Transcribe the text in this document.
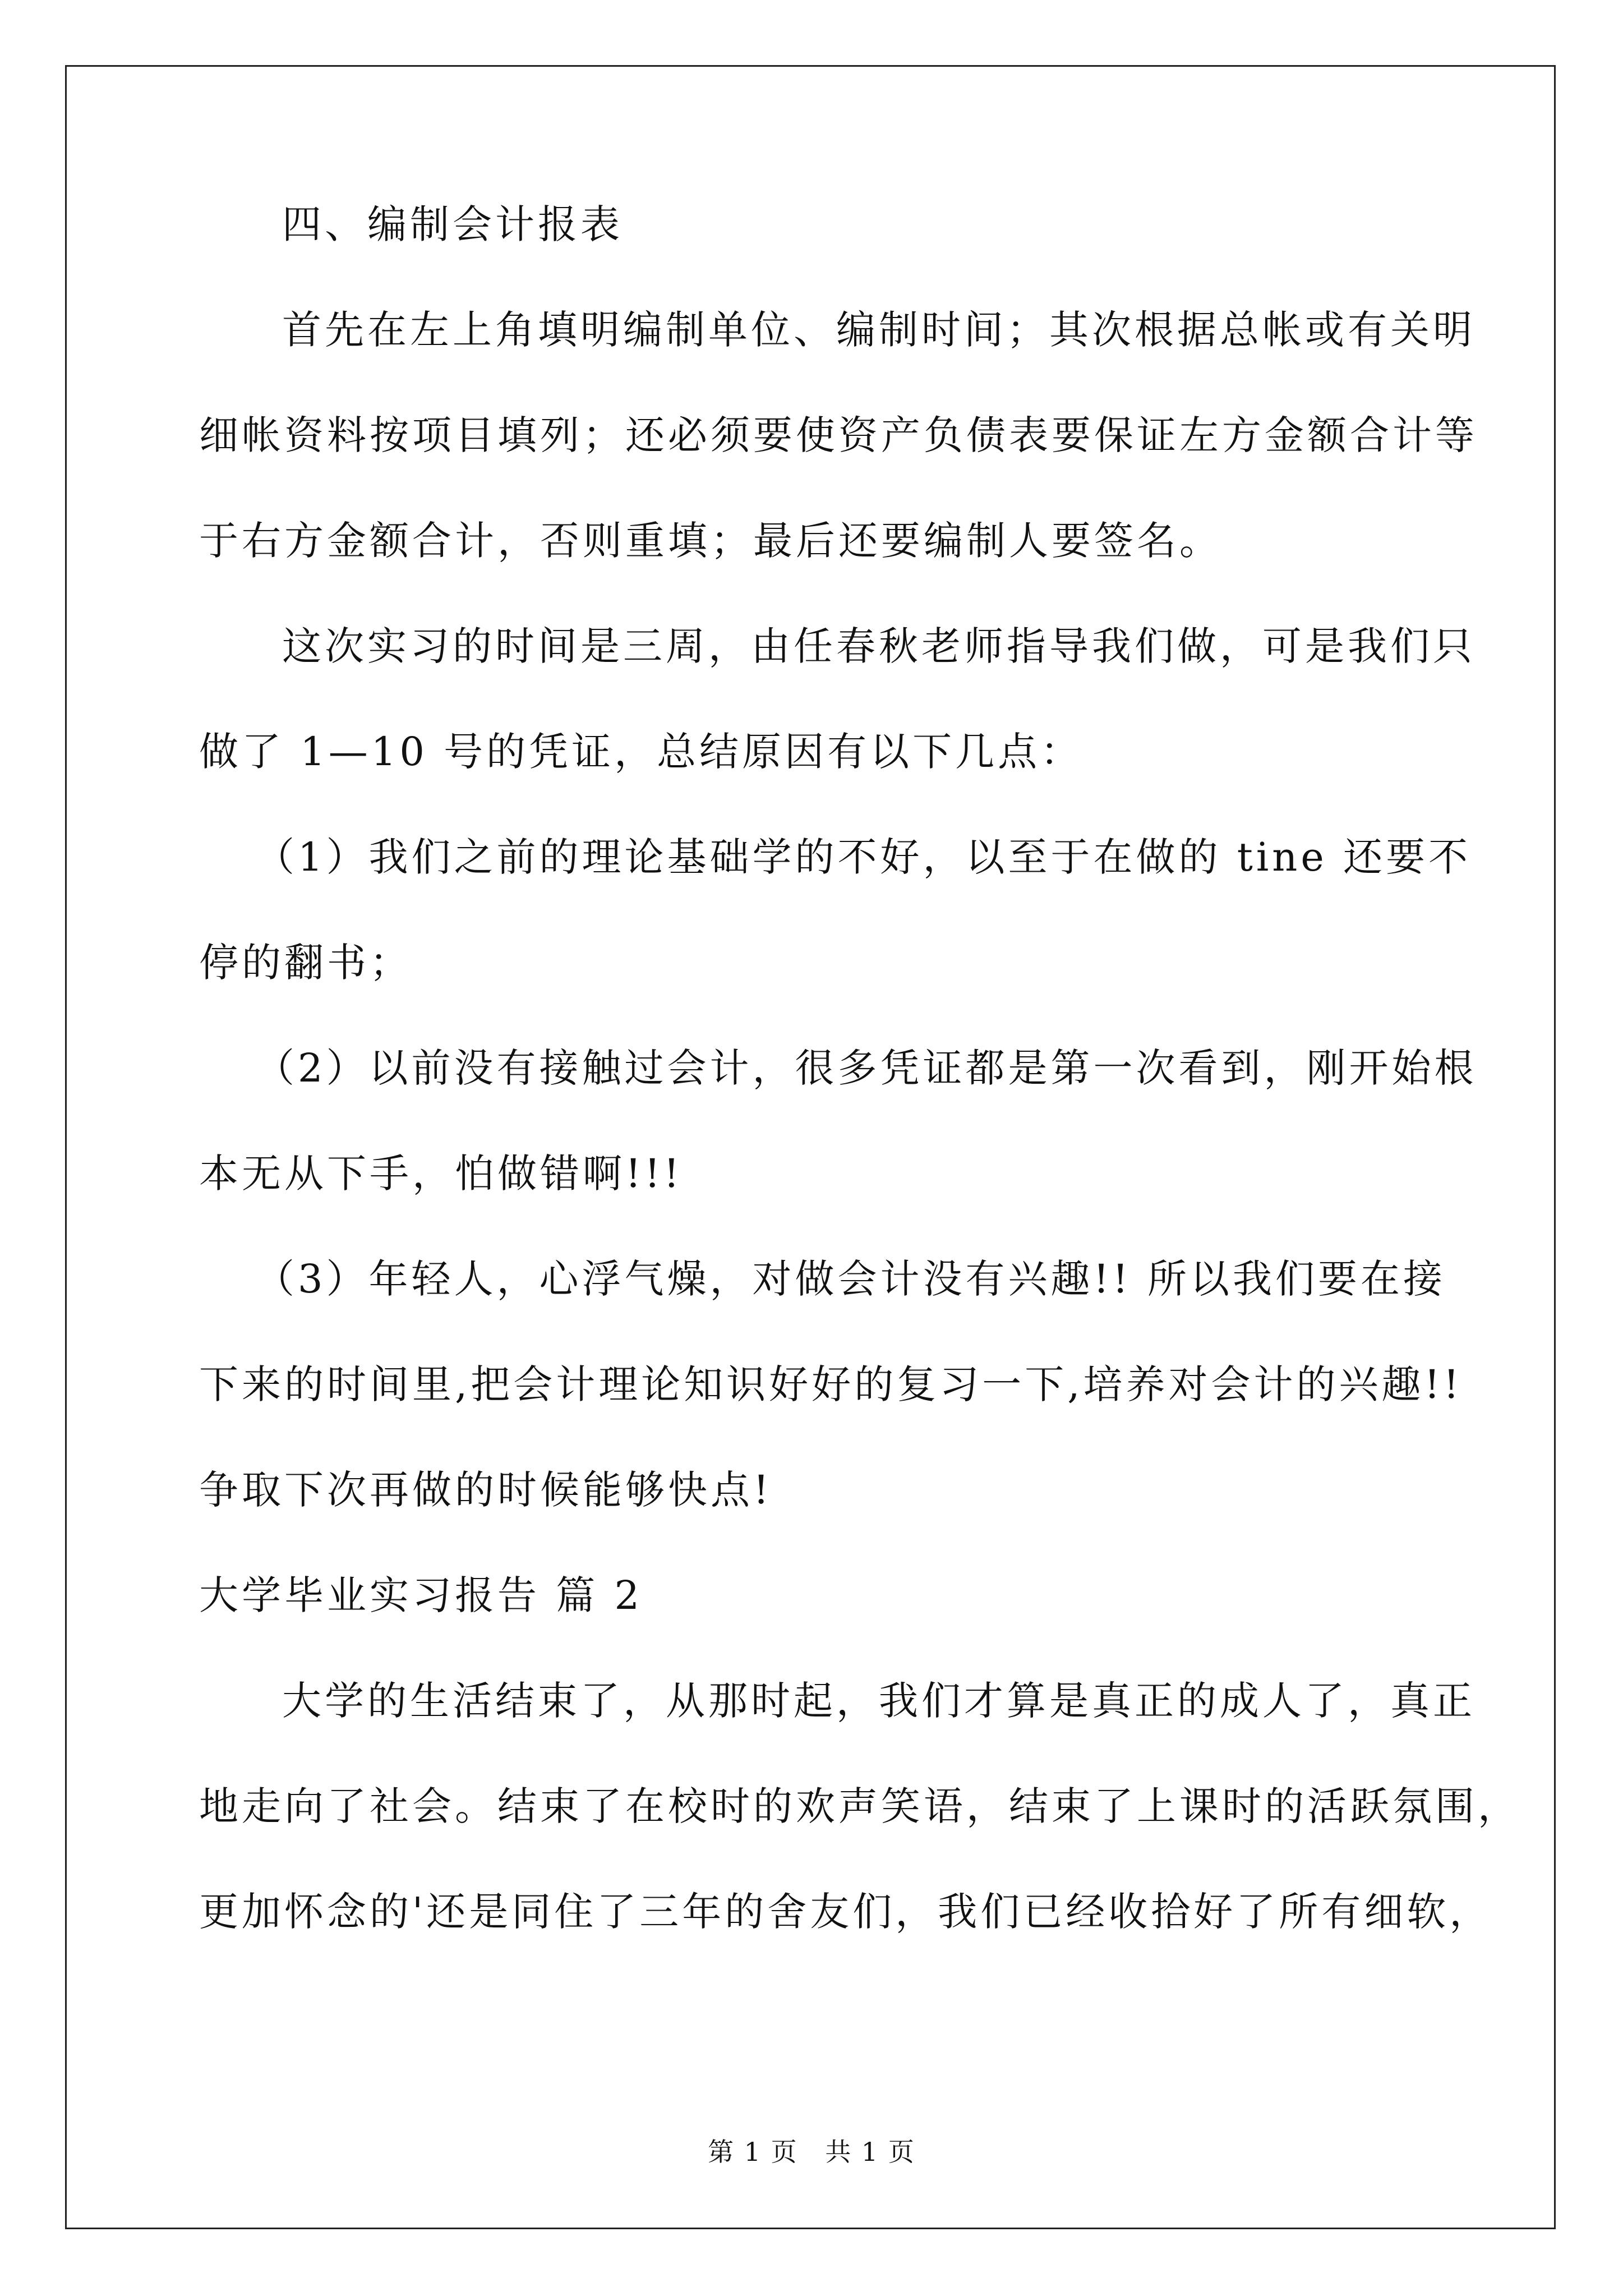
四、编制会计报表
首先在左上角填明编制单位、编制时间；其次根据总帐或有关明
细帐资料按项目填列；还必须要使资产负债表要保证左方金额合计等
于右方金额合计，否则重填；最后还要编制人要签名。
这次实习的时间是三周，由任春秋老师指导我们做，可是我们只
做了 1—10 号的凭证，总结原因有以下几点：
（1）我们之前的理论基础学的不好，以至于在做的 tine 还要不
停的翻书；
（2）以前没有接触过会计，很多凭证都是第一次看到，刚开始根
本无从下手，怕做错啊!!!
（3）年轻人，心浮气燥，对做会计没有兴趣!! 所以我们要在接
下来的时间里,把会计理论知识好好的复习一下,培养对会计的兴趣!!
争取下次再做的时候能够快点!
大学毕业实习报告 篇 2
大学的生活结束了，从那时起，我们才算是真正的成人了，真正
地走向了社会。结束了在校时的欢声笑语，结束了上课时的活跃氛围，
更加怀念的'还是同住了三年的舍友们，我们已经收拾好了所有细软，
第 1 页 共 1 页
